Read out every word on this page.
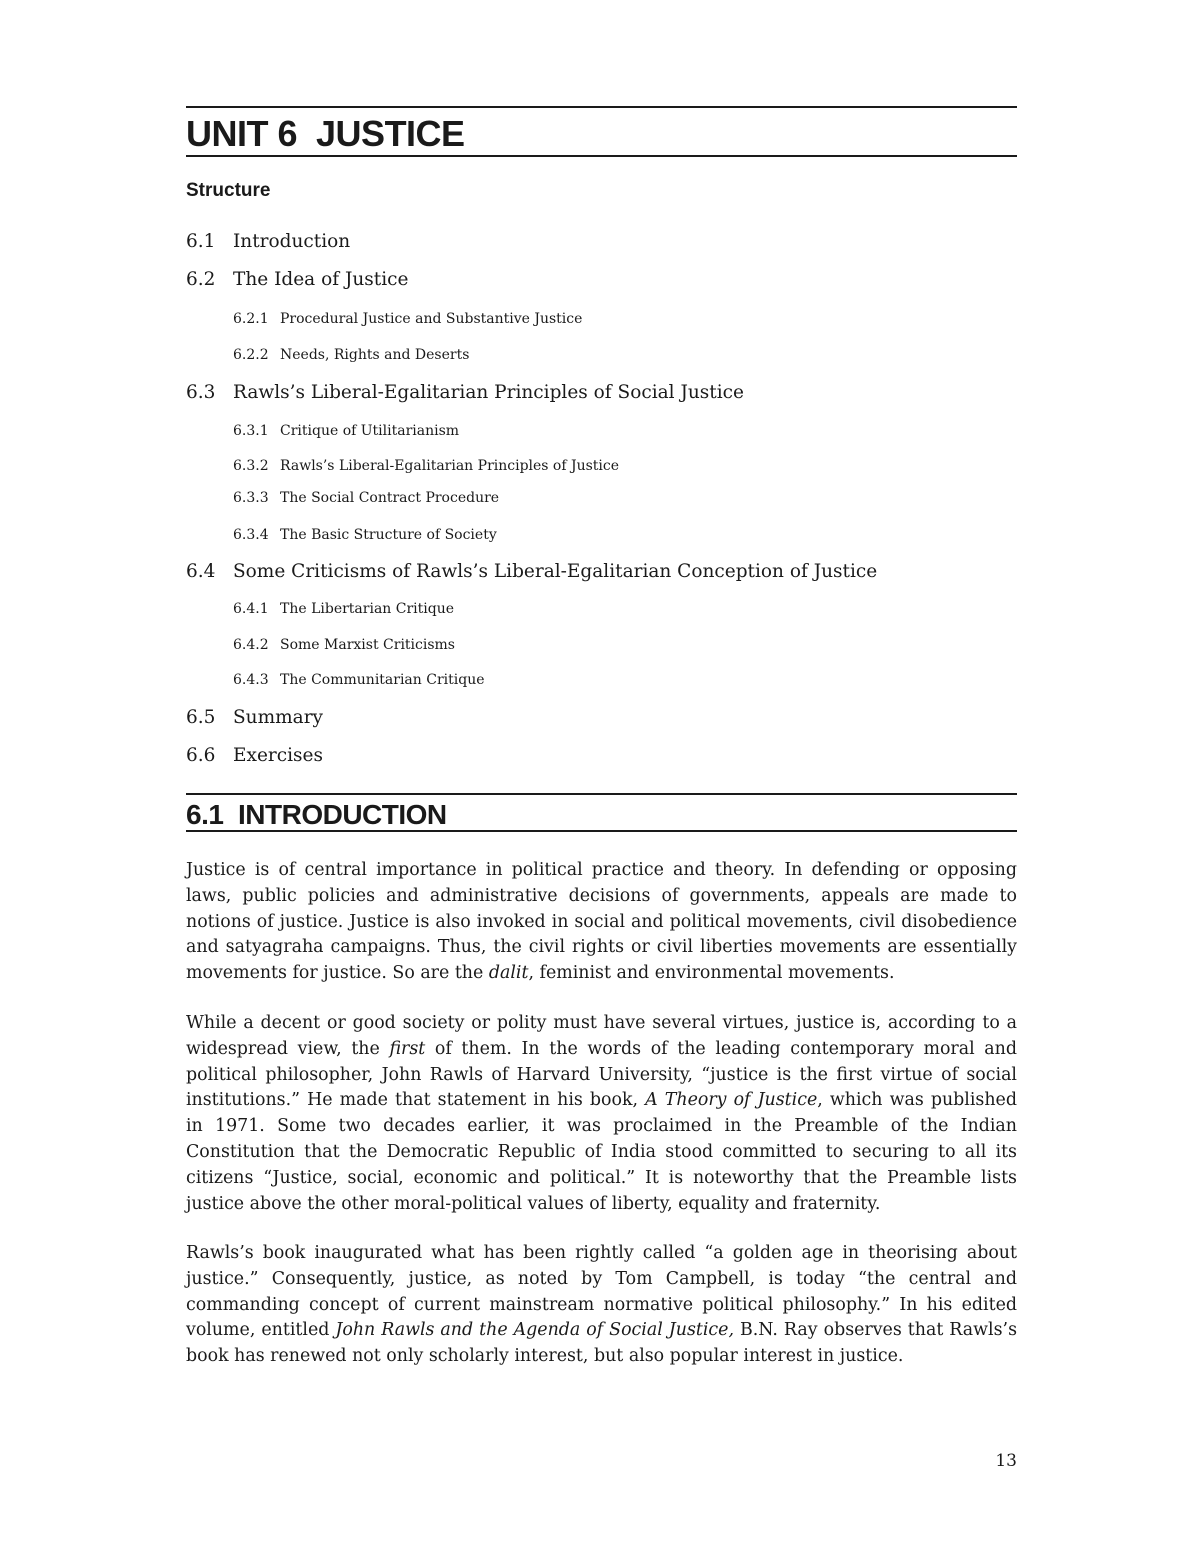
UNIT 6 JUSTICE
Structure
6.1 Introduction
6.2 The Idea of Justice
6.2.1 Procedural Justice and Substantive Justice
6.2.2 Needs, Rights and Deserts
6.3 Rawls’s Liberal-Egalitarian Principles of Social Justice
6.3.1 Critique of Utilitarianism
6.3.2 Rawls’s Liberal-Egalitarian Principles of Justice
6.3.3 The Social Contract Procedure
6.3.4 The Basic Structure of Society
6.4 Some Criticisms of Rawls’s Liberal-Egalitarian Conception of Justice
6.4.1 The Libertarian Critique
6.4.2 Some Marxist Criticisms
6.4.3 The Communitarian Critique
6.5 Summary
6.6 Exercises
6.1 INTRODUCTION

Justice is of central importance in political practice and theory. In defending or opposing laws, public policies and administrative decisions of governments, appeals are made to notions of justice. Justice is also invoked in social and political movements, civil disobedience and satyagraha campaigns. Thus, the civil rights or civil liberties movements are essentially movements for justice. So are the dalit, feminist and environmental movements.

While a decent or good society or polity must have several virtues, justice is, according to a widespread view, the first of them. In the words of the leading contemporary moral and political philosopher, John Rawls of Harvard University, “justice is the first virtue of social institutions.” He made that statement in his book, A Theory of Justice, which was published in 1971. Some two decades earlier, it was proclaimed in the Preamble of the Indian Constitution that the Democratic Republic of India stood committed to securing to all its citizens “Justice, social, economic and political.” It is noteworthy that the Preamble lists justice above the other moral-political values of liberty, equality and fraternity.

Rawls’s book inaugurated what has been rightly called “a golden age in theorising about justice.” Consequently, justice, as noted by Tom Campbell, is today “the central and commanding concept of current mainstream normative political philosophy.” In his edited volume, entitled John Rawls and the Agenda of Social Justice, B.N. Ray observes that Rawls’s book has renewed not only scholarly interest, but also popular interest in justice.

13
